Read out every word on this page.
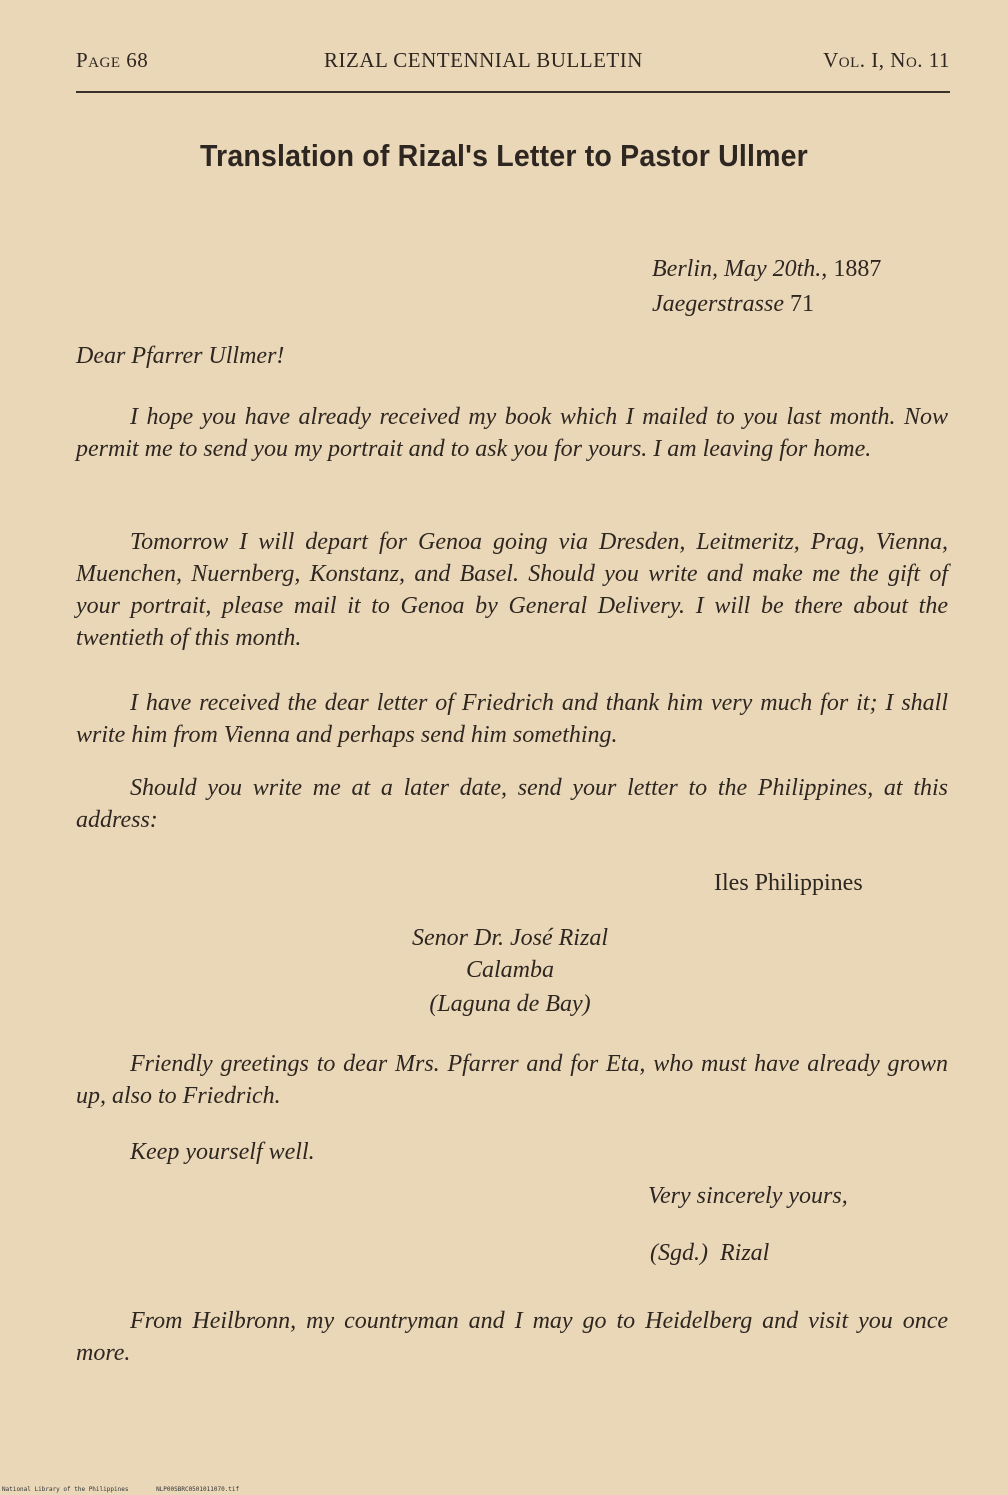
Page 68	RIZAL CENTENNIAL BULLETIN	Vol. I, No. 11
Translation of Rizal's Letter to Pastor Ullmer
Berlin, May 20th., 1887
Jaegerstrasse 71
Dear Pfarrer Ullmer!
I hope you have already received my book which I mailed to you last month. Now permit me to send you my portrait and to ask you for yours. I am leaving for home.
Tomorrow I will depart for Genoa going via Dresden, Leitmeritz, Prag, Vienna, Muenchen, Nuernberg, Konstanz, and Basel. Should you write and make me the gift of your portrait, please mail it to Genoa by General Delivery. I will be there about the twentieth of this month.
I have received the dear letter of Friedrich and thank him very much for it; I shall write him from Vienna and perhaps send him something.
Should you write me at a later date, send your letter to the Philippines, at this address:
Iles Philippines
Senor Dr. José Rizal
Calamba
(Laguna de Bay)
Friendly greetings to dear Mrs. Pfarrer and for Eta, who must have already grown up, also to Friedrich.
Keep yourself well.
Very sincerely yours,
(Sgd.)  Rizal
From Heilbronn, my countryman and I may go to Heidelberg and visit you once more.
National Library of the Philippines	NLP00SBRC0501011070.tif
